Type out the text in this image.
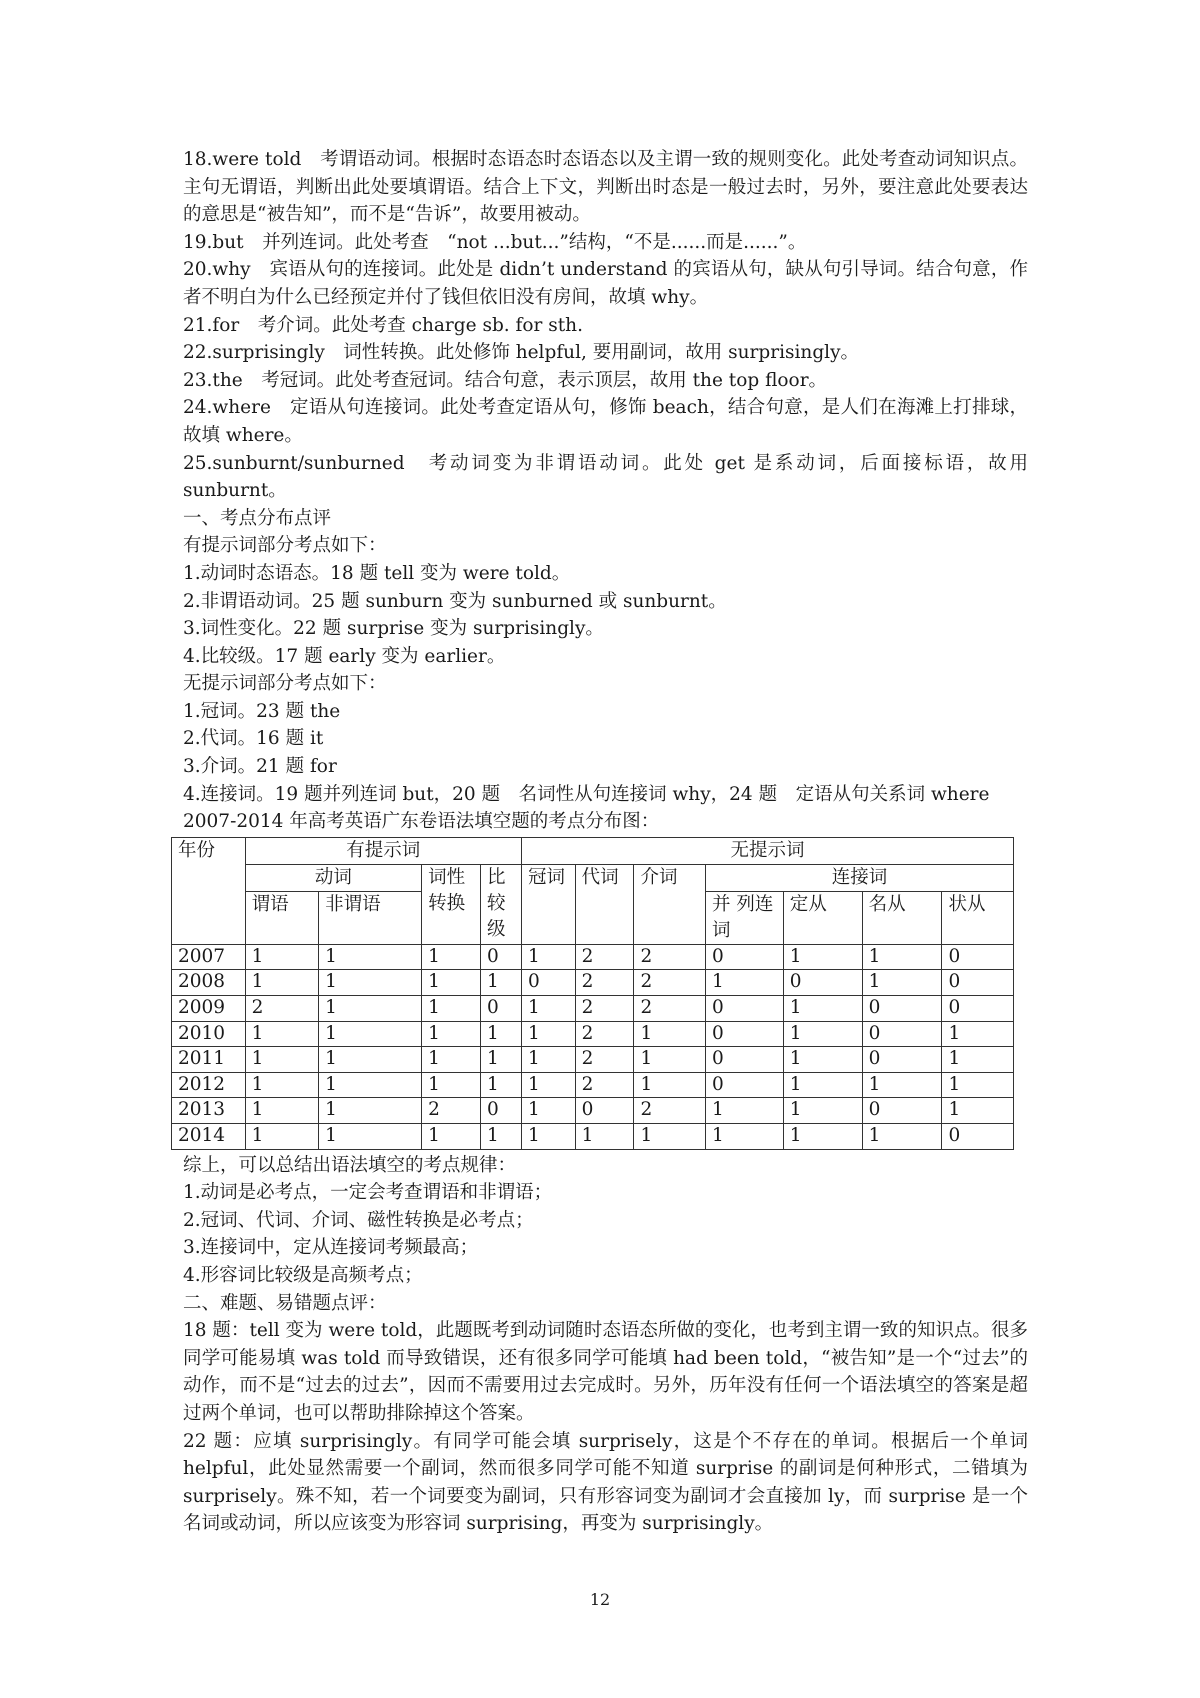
18.were told　考谓语动词。根据时态语态时态语态以及主谓一致的规则变化。此处考查动词知识点。主句无谓语，判断出此处要填谓语。结合上下文，判断出时态是一般过去时，另外，要注意此处要表达的意思是“被告知”，而不是“告诉”，故要用被动。

19.but　并列连词。此处考查　“not ...but...”结构，“不是......而是......”。

20.why　宾语从句的连接词。此处是 didn’t understand 的宾语从句，缺从句引导词。结合句意，作者不明白为什么已经预定并付了钱但依旧没有房间，故填 why。

21.for　考介词。此处考查 charge sb. for sth.

22.surprisingly　词性转换。此处修饰 helpful, 要用副词，故用 surprisingly。

23.the　考冠词。此处考查冠词。结合句意，表示顶层，故用 the top floor。

24.where　定语从句连接词。此处考查定语从句，修饰 beach，结合句意，是人们在海滩上打排球，故填 where。

25.sunburnt/sunburned　考动词变为非谓语动词。此处 get 是系动词，后面接标语，故用 sunburnt。

一、考点分布点评

有提示词部分考点如下：

1.动词时态语态。18 题 tell 变为 were told。

2.非谓语动词。25 题 sunburn 变为 sunburned 或 sunburnt。

3.词性变化。22 题 surprise 变为 surprisingly。

4.比较级。17 题 early 变为 earlier。

无提示词部分考点如下：

1.冠词。23 题 the

2.代词。16 题 it

3.介词。21 题 for

4.连接词。19 题并列连词 but，20 题　名词性从句连接词 why，24 题　定语从句关系词 where

2007-2014 年高考英语广东卷语法填空题的考点分布图：

年份	有提示词				无提示词						
	动词		词性转换	比较级	冠词	代词	介词	连接词			
	谓语	非谓语						并 列连词	定从	名从	状从
2007	1	1	1	0	1	2	2	0	1	1	0
2008	1	1	1	1	0	2	2	1	0	1	0
2009	2	1	1	0	1	2	2	0	1	0	0
2010	1	1	1	1	1	2	1	0	1	0	1
2011	1	1	1	1	1	2	1	0	1	0	1
2012	1	1	1	1	1	2	1	0	1	1	1
2013	1	1	2	0	1	0	2	1	1	0	1
2014	1	1	1	1	1	1	1	1	1	1	0

综上，可以总结出语法填空的考点规律：

1.动词是必考点，一定会考查谓语和非谓语；

2.冠词、代词、介词、磁性转换是必考点；

3.连接词中，定从连接词考频最高；

4.形容词比较级是高频考点；

二、难题、易错题点评：

18 题：tell 变为 were told，此题既考到动词随时态语态所做的变化，也考到主谓一致的知识点。很多同学可能易填 was told 而导致错误，还有很多同学可能填 had been told，“被告知”是一个“过去”的动作，而不是“过去的过去”，因而不需要用过去完成时。另外，历年没有任何一个语法填空的答案是超过两个单词，也可以帮助排除掉这个答案。

22 题：应填 surprisingly。有同学可能会填 surprisely，这是个不存在的单词。根据后一个单词 helpful，此处显然需要一个副词，然而很多同学可能不知道 surprise 的副词是何种形式，二错填为 surprisely。殊不知，若一个词要变为副词，只有形容词变为副词才会直接加 ly，而 surprise 是一个名词或动词，所以应该变为形容词 surprising，再变为 surprisingly。

12
